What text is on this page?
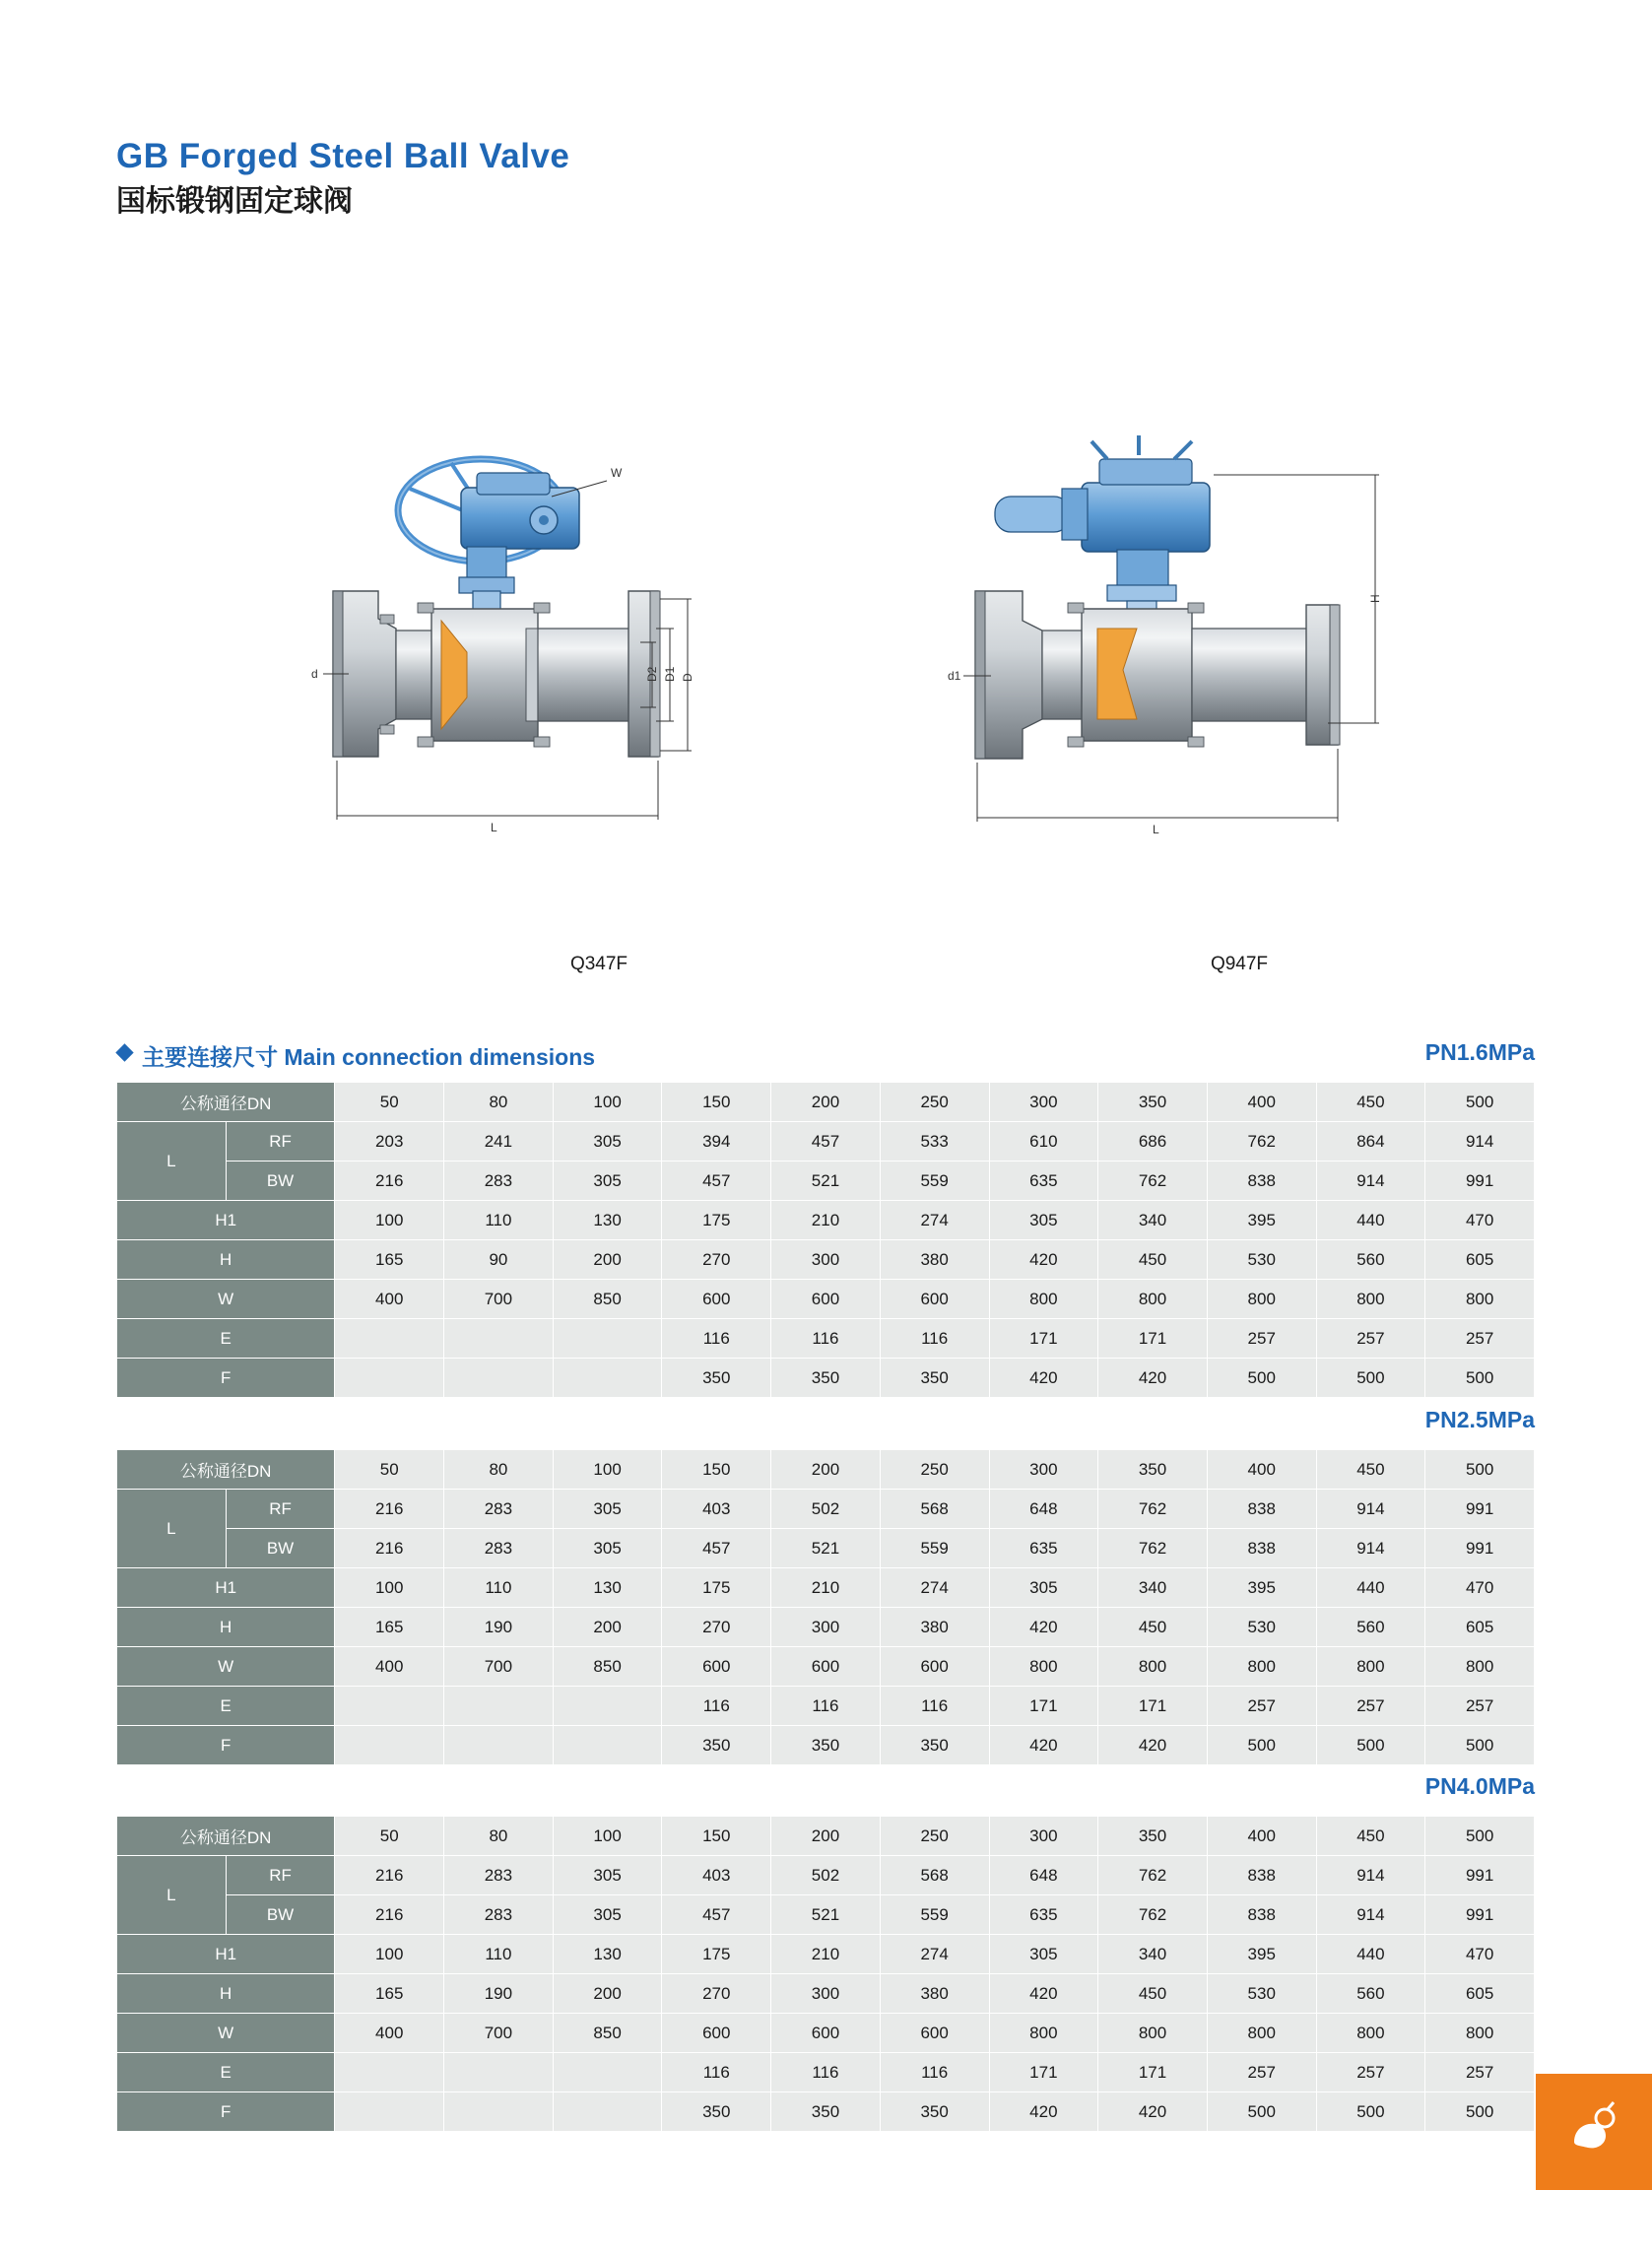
GB Forged Steel Ball Valve
国标锻钢固定球阀
W
D
D1
D2
L
d
Q347F
H
L
d1
Q947F
主要连接尺寸 Main connection dimensions	PN1.6MPa
公称通径DN		50	80	100	150	200	250	300	350	400	450	500
L	RF	203	241	305	394	457	533	610	686	762	864	914
	BW	216	283	305	457	521	559	635	762	838	914	991
H1		100	110	130	175	210	274	305	340	395	440	470
H		165	90	200	270	300	380	420	450	530	560	605
W		400	700	850	600	600	600	800	800	800	800	800
E					116	116	116	171	171	257	257	257
F					350	350	350	420	420	500	500	500
PN2.5MPa
公称通径DN		50	80	100	150	200	250	300	350	400	450	500
L	RF	216	283	305	403	502	568	648	762	838	914	991
	BW	216	283	305	457	521	559	635	762	838	914	991
H1		100	110	130	175	210	274	305	340	395	440	470
H		165	190	200	270	300	380	420	450	530	560	605
W		400	700	850	600	600	600	800	800	800	800	800
E					116	116	116	171	171	257	257	257
F					350	350	350	420	420	500	500	500
PN4.0MPa
公称通径DN		50	80	100	150	200	250	300	350	400	450	500
L	RF	216	283	305	403	502	568	648	762	838	914	991
	BW	216	283	305	457	521	559	635	762	838	914	991
H1		100	110	130	175	210	274	305	340	395	440	470
H		165	190	200	270	300	380	420	450	530	560	605
W		400	700	850	600	600	600	800	800	800	800	800
E					116	116	116	171	171	257	257	257
F					350	350	350	420	420	500	500	500
